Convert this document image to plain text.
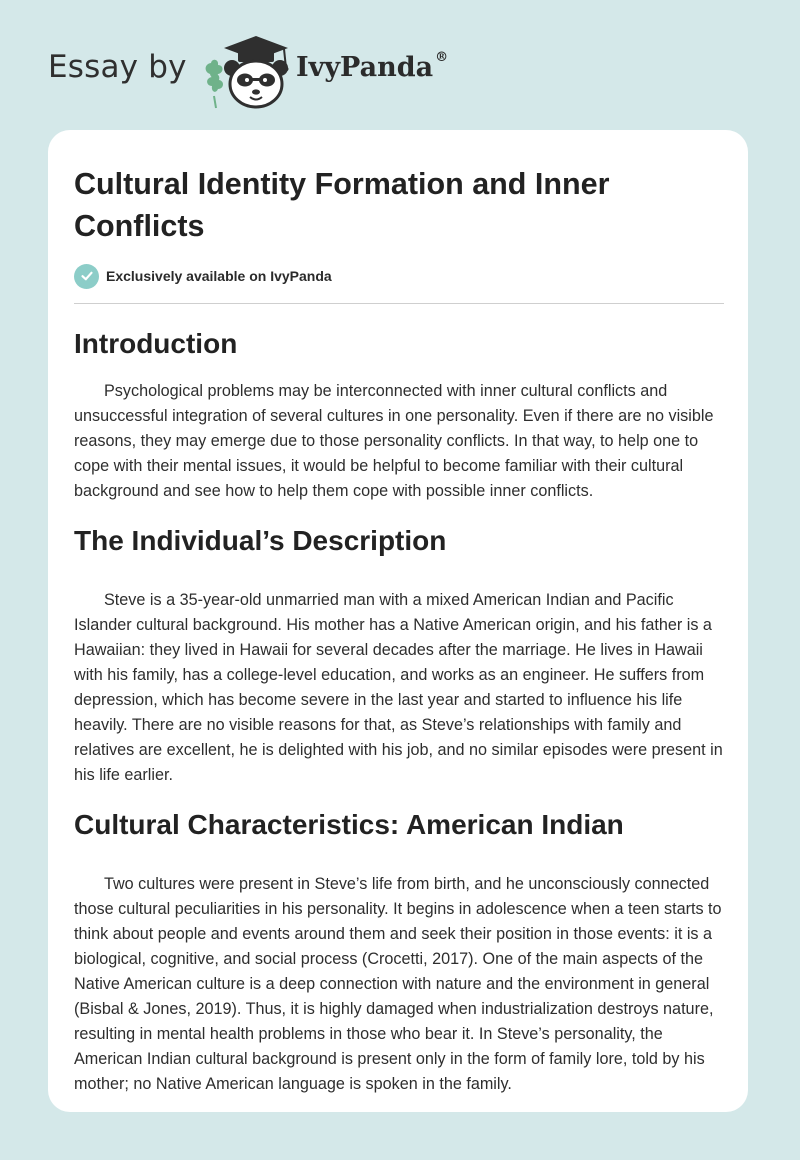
Essay by	IvyPanda ®
Cultural Identity Formation and Inner Conflicts
Exclusively available on IvyPanda
Introduction

Psychological problems may be interconnected with inner cultural conflicts and unsuccessful integration of several cultures in one personality. Even if there are no visible reasons, they may emerge due to those personality conflicts. In that way, to help one to cope with their mental issues, it would be helpful to become familiar with their cultural background and see how to help them cope with possible inner conflicts.

The Individual’s Description

Steve is a 35-year-old unmarried man with a mixed American Indian and Pacific Islander cultural background. His mother has a Native American origin, and his father is a Hawaiian: they lived in Hawaii for several decades after the marriage. He lives in Hawaii with his family, has a college-level education, and works as an engineer. He suffers from depression, which has become severe in the last year and started to influence his life heavily. There are no visible reasons for that, as Steve’s relationships with family and relatives are excellent, he is delighted with his job, and no similar episodes were present in his life earlier.

Cultural Characteristics: American Indian

Two cultures were present in Steve’s life from birth, and he unconsciously connected those cultural peculiarities in his personality. It begins in adolescence when a teen starts to think about people and events around them and seek their position in those events: it is a biological, cognitive, and social process (Crocetti, 2017). One of the main aspects of the Native American culture is a deep connection with nature and the environment in general (Bisbal & Jones, 2019). Thus, it is highly damaged when industrialization destroys nature, resulting in mental health problems in those who bear it. In Steve’s personality, the American Indian cultural background is present only in the form of family lore, told by his mother; no Native American language is spoken in the family.
